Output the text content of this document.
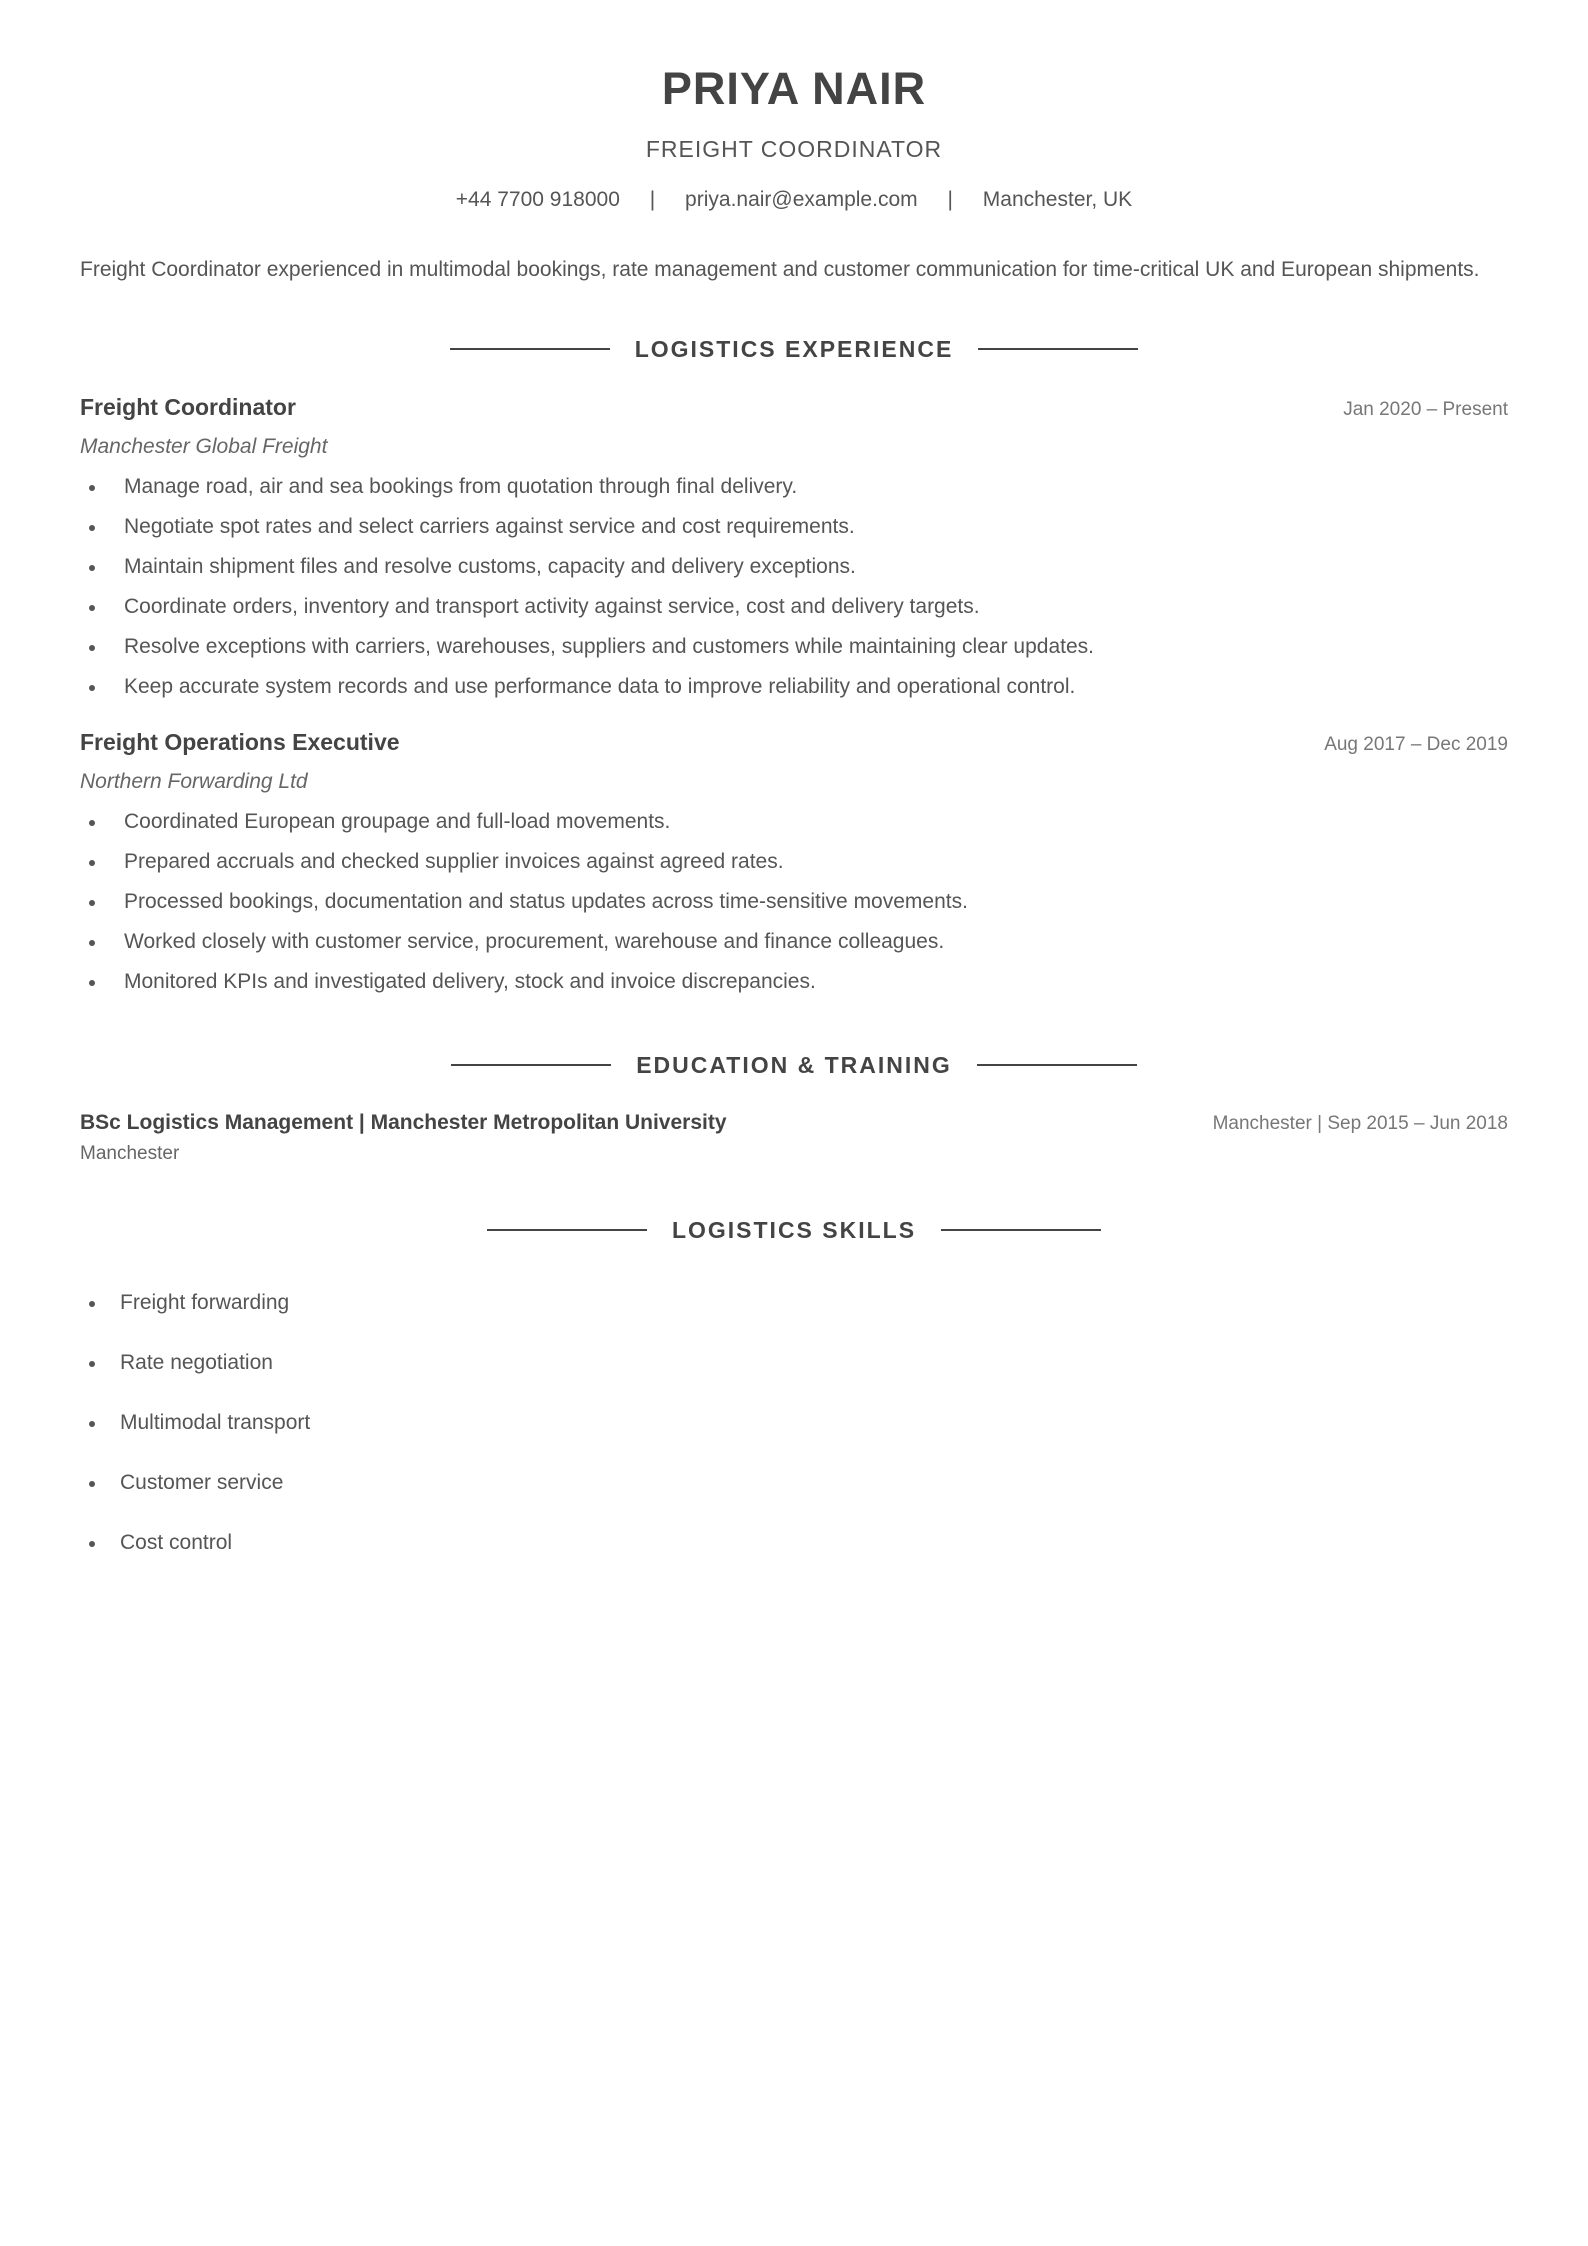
PRIYA NAIR
FREIGHT COORDINATOR
+44 7700 918000 | priya.nair@example.com | Manchester, UK
Freight Coordinator experienced in multimodal bookings, rate management and customer communication for time-critical UK and European shipments.
LOGISTICS EXPERIENCE
Freight Coordinator	Jan 2020 – Present
Manchester Global Freight
Manage road, air and sea bookings from quotation through final delivery.
Negotiate spot rates and select carriers against service and cost requirements.
Maintain shipment files and resolve customs, capacity and delivery exceptions.
Coordinate orders, inventory and transport activity against service, cost and delivery targets.
Resolve exceptions with carriers, warehouses, suppliers and customers while maintaining clear updates.
Keep accurate system records and use performance data to improve reliability and operational control.
Freight Operations Executive	Aug 2017 – Dec 2019
Northern Forwarding Ltd
Coordinated European groupage and full-load movements.
Prepared accruals and checked supplier invoices against agreed rates.
Processed bookings, documentation and status updates across time-sensitive movements.
Worked closely with customer service, procurement, warehouse and finance colleagues.
Monitored KPIs and investigated delivery, stock and invoice discrepancies.
EDUCATION & TRAINING
BSc Logistics Management | Manchester Metropolitan University	Manchester | Sep 2015 – Jun 2018
Manchester
LOGISTICS SKILLS
Freight forwarding
Rate negotiation
Multimodal transport
Customer service
Cost control
